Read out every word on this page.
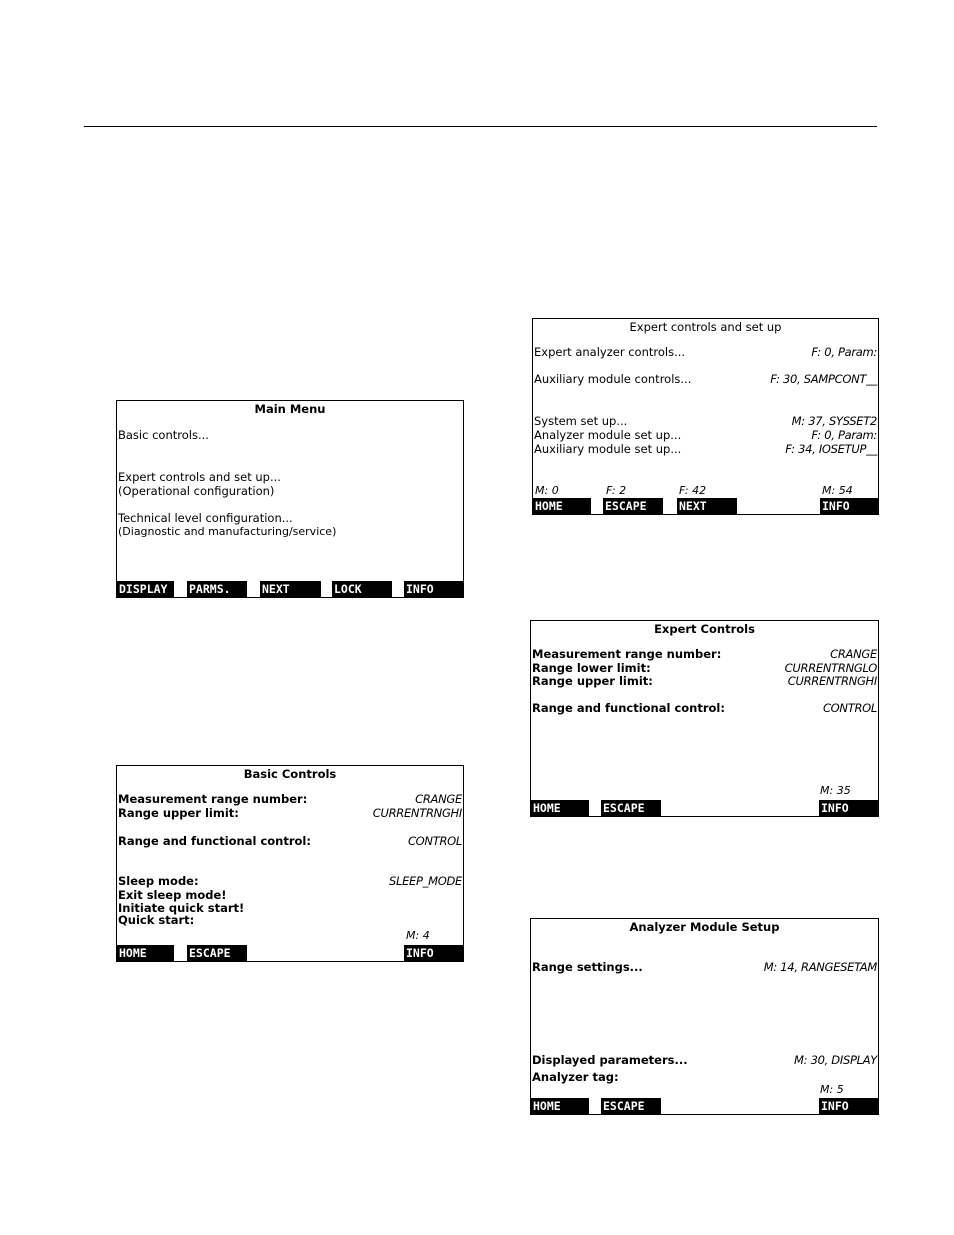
Main Menu
Basic controls...
Expert controls and set up...
(Operational configuration)
Technical level configuration...
(Diagnostic and manufacturing/service)
DISPLAY	PARMS.	NEXT	LOCK	INFO
Basic Controls
Measurement range number:	CRANGE
Range upper limit:	CURRENTRNGHI
Range and functional control:	CONTROL
Sleep mode:	SLEEP_MODE
Exit sleep mode!
Initiate quick start!
Quick start:
M: 4
HOME	ESCAPE	INFO
Expert controls and set up
Expert analyzer controls...	F: 0, Param:
Auxiliary module controls...	F: 30, SAMPCONT__
System set up...	M: 37, SYSSET2
Analyzer module set up...	F: 0, Param:
Auxiliary module set up...	F: 34, IOSETUP__
M: 0	F: 2	F: 42	M: 54
HOME	ESCAPE	NEXT	INFO
Expert Controls
Measurement range number:	CRANGE
Range lower limit:	CURRENTRNGLO
Range upper limit:	CURRENTRNGHI
Range and functional control:	CONTROL
M: 35
HOME	ESCAPE	INFO
Analyzer Module Setup
Range settings...	M: 14, RANGESETAM
Displayed parameters...	M: 30, DISPLAY
Analyzer tag:
M: 5
HOME	ESCAPE	INFO
